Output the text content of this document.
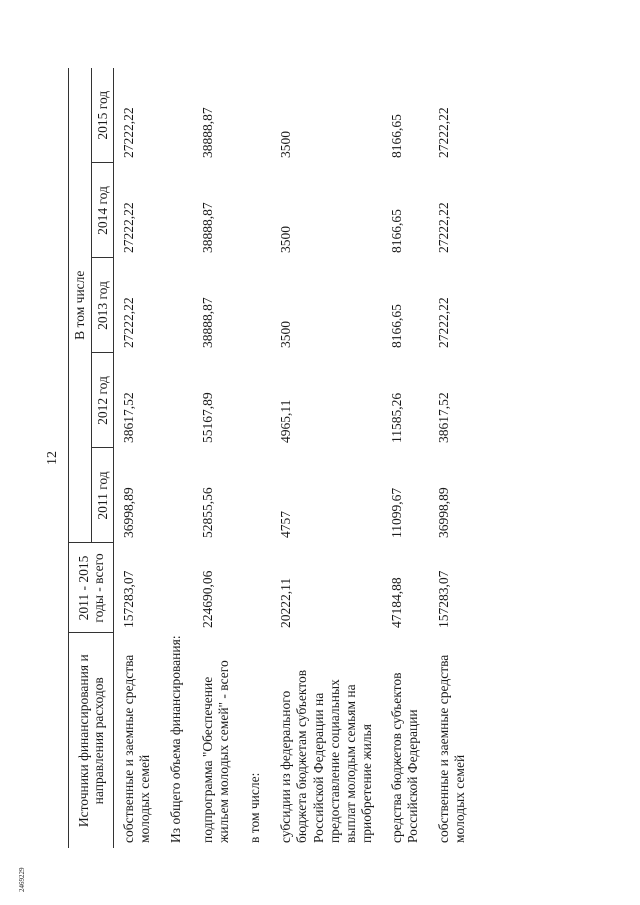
12
2469229
Источники финансирования и направления расходов	2011 - 2015 годы - всего	В том числе				
		2011 год	2012 год	2013 год	2014 год	2015 год
собственные и заемные средства молодых семей	157283,07	36998,89	38617,52	27222,22	27222,22	27222,22
Из общего объема финансирования:						
подпрограмма "Обеспечение жильем молодых семей" - всего	224690,06	52855,56	55167,89	38888,87	38888,87	38888,87
в том числе:						
субсидии из федерального бюджета бюджетам субъектов Российской Федерации на предоставление социальных выплат молодым семьям на приобретение жилья	20222,11	4757	4965,11	3500	3500	3500
средства бюджетов субъектов Российской Федерации	47184,88	11099,67	11585,26	8166,65	8166,65	8166,65
собственные и заемные средства молодых семей	157283,07	36998,89	38617,52	27222,22	27222,22	27222,22
